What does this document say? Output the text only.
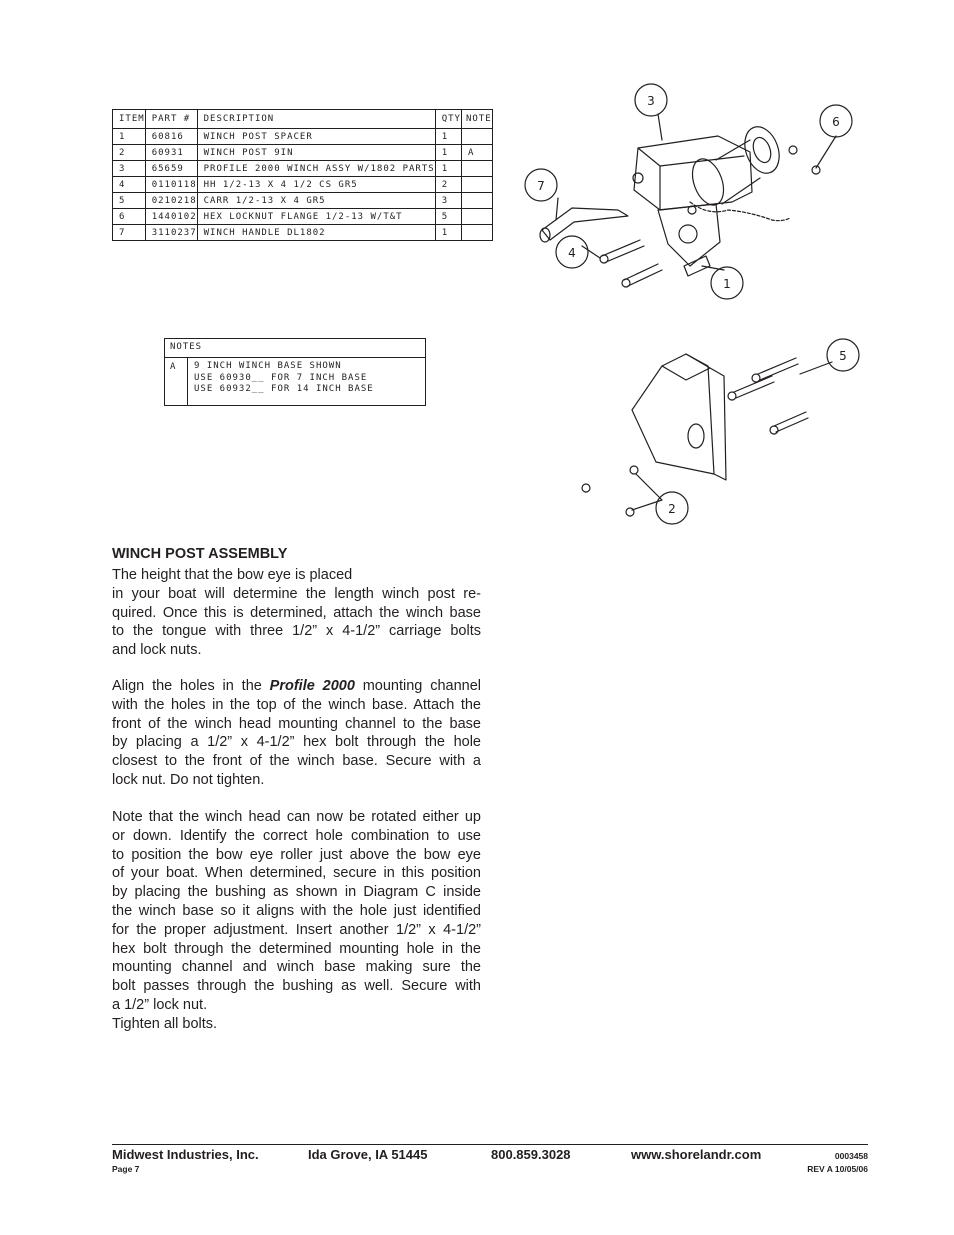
ITEM	PART #	DESCRIPTION	QTY	NOTE
1	60816	WINCH POST SPACER	1	
2	60931	WINCH POST 9IN	1	A
3	65659	PROFILE 2000 WINCH ASSY W/1802 PARTS	1	
4	0110118	HH 1/2-13 X 4 1/2 CS GR5	2	
5	0210218	CARR 1/2-13 X 4 GR5	3	
6	1440102	HEX LOCKNUT FLANGE 1/2-13 W/T&T	5	
7	3110237	WINCH HANDLE DL1802	1	
NOTES
A 9 INCH WINCH BASE SHOWN
USE 60930__ FOR 7 INCH BASE
USE 60932__ FOR 14 INCH BASE
3
6
7
4
1
5
2
WINCH POST ASSEMBLY
The height that the bow eye is placed
in your boat will determine the length winch post re-
quired. Once this is determined, attach the winch base
to the tongue with three 1/2” x 4-1/2” carriage bolts
and lock nuts.
Align the holes in the Profile 2000 mounting channel
with the holes in the top of the winch base. Attach the
front of the winch head mounting channel to the base
by placing a 1/2” x 4-1/2” hex bolt through the hole
closest to the front of the winch base. Secure with a
lock nut. Do not tighten.
Note that the winch head can now be rotated either up
or down. Identify the correct hole combination to use
to position the bow eye roller just above the bow eye
of your boat. When determined, secure in this position
by placing the bushing as shown in Diagram C inside
the winch base so it aligns with the hole just identified
for the proper adjustment. Insert another 1/2” x 4-1/2”
hex bolt through the determined mounting hole in the
mounting channel and winch base making sure the
bolt passes through the bushing as well. Secure with
a 1/2” lock nut.
Tighten all bolts.
Midwest Industries, Inc.	Ida Grove, IA 51445	800.859.3028	www.shorelandr.com
Page 7
0003458
REV A 10/05/06
